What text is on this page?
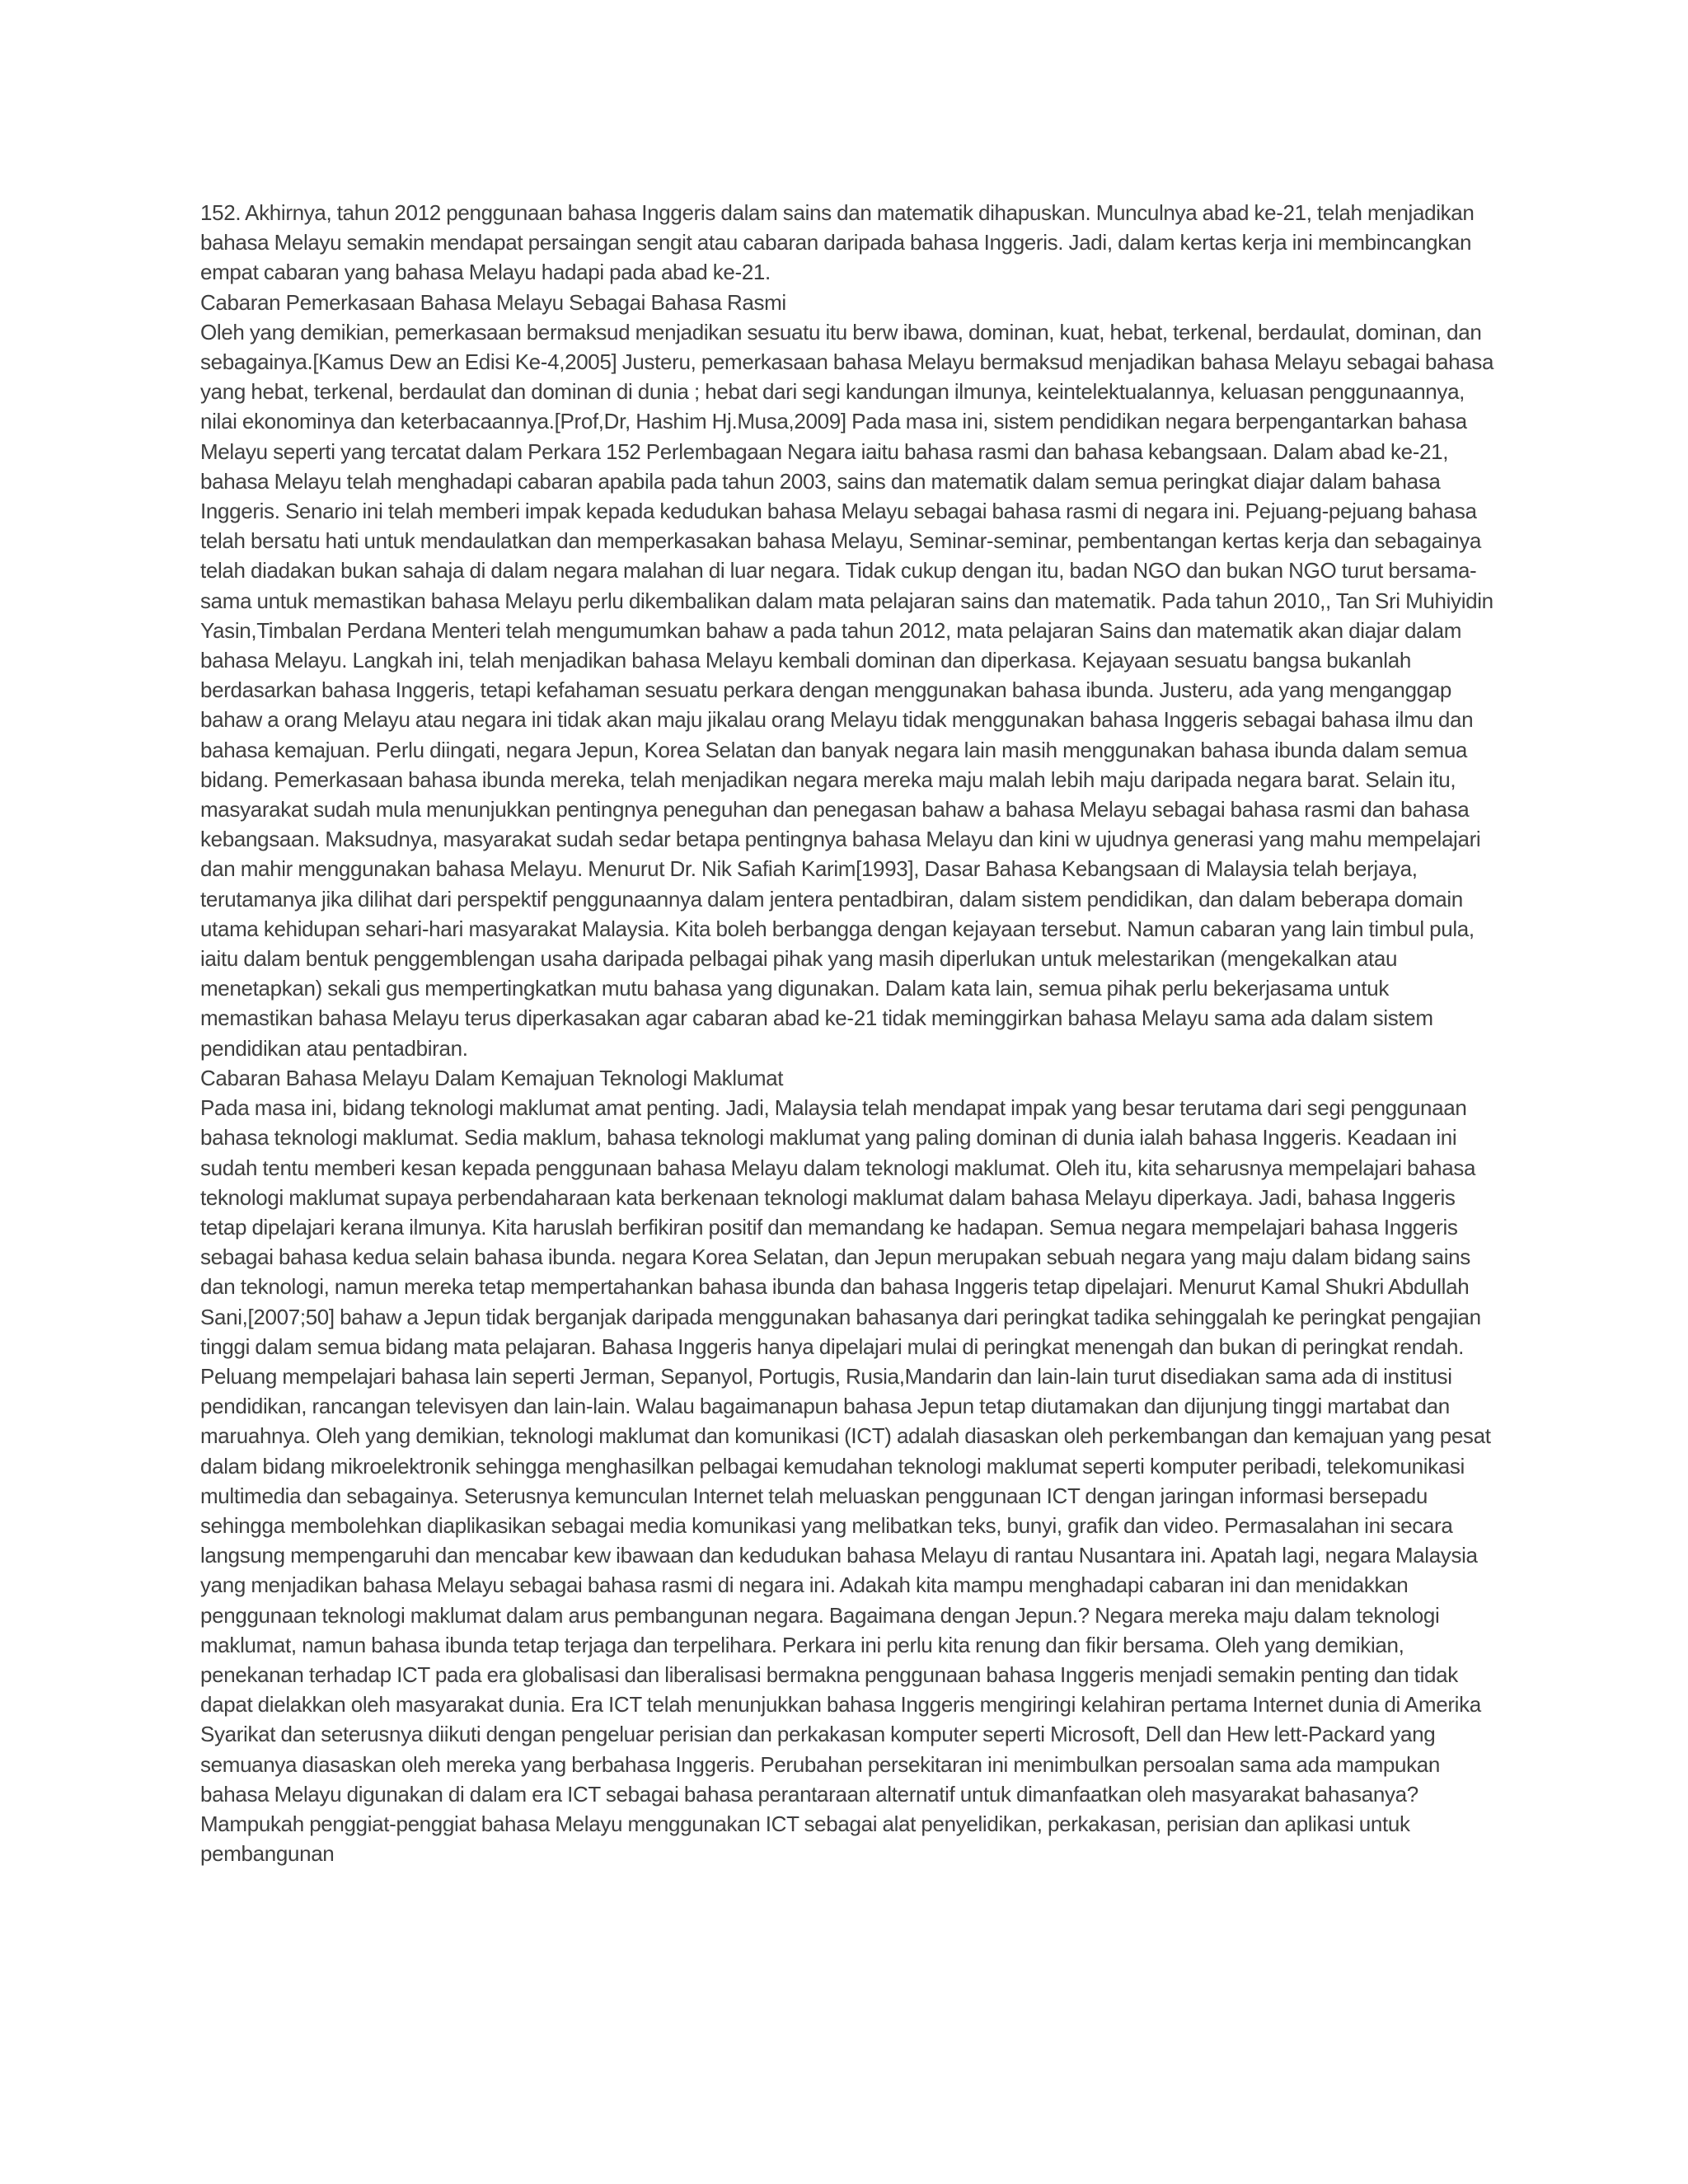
152. Akhirnya, tahun 2012 penggunaan bahasa Inggeris dalam sains dan matematik dihapuskan. Munculnya abad ke-21, telah menjadikan bahasa Melayu semakin mendapat persaingan sengit atau cabaran daripada bahasa Inggeris. Jadi, dalam kertas kerja ini membincangkan empat cabaran yang bahasa Melayu hadapi pada abad ke-21.

Cabaran Pemerkasaan Bahasa Melayu Sebagai Bahasa Rasmi

Oleh yang demikian, pemerkasaan bermaksud menjadikan sesuatu itu berw ibawa, dominan, kuat, hebat, terkenal, berdaulat, dominan, dan sebagainya.[Kamus Dew an Edisi Ke-4,2005] Justeru, pemerkasaan bahasa Melayu bermaksud menjadikan bahasa Melayu sebagai bahasa yang hebat, terkenal, berdaulat dan dominan di dunia ; hebat dari segi kandungan ilmunya, keintelektualannya, keluasan penggunaannya, nilai ekonominya dan keterbacaannya.[Prof,Dr, Hashim Hj.Musa,2009] Pada masa ini, sistem pendidikan negara berpengantarkan bahasa Melayu seperti yang tercatat dalam Perkara 152 Perlembagaan Negara iaitu bahasa rasmi dan bahasa kebangsaan. Dalam abad ke-21, bahasa Melayu telah menghadapi cabaran apabila pada tahun 2003, sains dan matematik dalam semua peringkat diajar dalam bahasa Inggeris. Senario ini telah memberi impak kepada kedudukan bahasa Melayu sebagai bahasa rasmi di negara ini. Pejuang-pejuang bahasa telah bersatu hati untuk mendaulatkan dan memperkasakan bahasa Melayu, Seminar-seminar, pembentangan kertas kerja dan sebagainya telah diadakan bukan sahaja di dalam negara malahan di luar negara. Tidak cukup dengan itu, badan NGO dan bukan NGO turut bersama-sama untuk memastikan bahasa Melayu perlu dikembalikan dalam mata pelajaran sains dan matematik. Pada tahun 2010,, Tan Sri Muhiyidin Yasin,Timbalan Perdana Menteri telah mengumumkan bahaw a pada tahun 2012, mata pelajaran Sains dan matematik akan diajar dalam bahasa Melayu. Langkah ini, telah menjadikan bahasa Melayu kembali dominan dan diperkasa. Kejayaan sesuatu bangsa bukanlah berdasarkan bahasa Inggeris, tetapi kefahaman sesuatu perkara dengan menggunakan bahasa ibunda. Justeru, ada yang menganggap bahaw a orang Melayu atau negara ini tidak akan maju jikalau orang Melayu tidak menggunakan bahasa Inggeris sebagai bahasa ilmu dan bahasa kemajuan. Perlu diingati, negara Jepun, Korea Selatan dan banyak negara lain masih menggunakan bahasa ibunda dalam semua bidang. Pemerkasaan bahasa ibunda mereka, telah menjadikan negara mereka maju malah lebih maju daripada negara barat. Selain itu, masyarakat sudah mula menunjukkan pentingnya peneguhan dan penegasan bahaw a bahasa Melayu sebagai bahasa rasmi dan bahasa kebangsaan. Maksudnya, masyarakat sudah sedar betapa pentingnya bahasa Melayu dan kini w ujudnya generasi yang mahu mempelajari dan mahir menggunakan bahasa Melayu. Menurut Dr. Nik Safiah Karim[1993], Dasar Bahasa Kebangsaan di Malaysia telah berjaya, terutamanya jika dilihat dari perspektif penggunaannya dalam jentera pentadbiran, dalam sistem pendidikan, dan dalam beberapa domain utama kehidupan sehari-hari masyarakat Malaysia. Kita boleh berbangga dengan kejayaan tersebut. Namun cabaran yang lain timbul pula, iaitu dalam bentuk penggemblengan usaha daripada pelbagai pihak yang masih diperlukan untuk melestarikan (mengekalkan atau menetapkan) sekali gus mempertingkatkan mutu bahasa yang digunakan. Dalam kata lain, semua pihak perlu bekerjasama untuk memastikan bahasa Melayu terus diperkasakan agar cabaran abad ke-21 tidak meminggirkan bahasa Melayu sama ada dalam sistem pendidikan atau pentadbiran.

Cabaran Bahasa Melayu Dalam Kemajuan Teknologi Maklumat

Pada masa ini, bidang teknologi maklumat amat penting. Jadi, Malaysia telah mendapat impak yang besar terutama dari segi penggunaan bahasa teknologi maklumat. Sedia maklum, bahasa teknologi maklumat yang paling dominan di dunia ialah bahasa Inggeris. Keadaan ini sudah tentu memberi kesan kepada penggunaan bahasa Melayu dalam teknologi maklumat. Oleh itu, kita seharusnya mempelajari bahasa teknologi maklumat supaya perbendaharaan kata berkenaan teknologi maklumat dalam bahasa Melayu diperkaya. Jadi, bahasa Inggeris tetap dipelajari kerana ilmunya. Kita haruslah berfikiran positif dan memandang ke hadapan. Semua negara mempelajari bahasa Inggeris sebagai bahasa kedua selain bahasa ibunda. negara Korea Selatan, dan Jepun merupakan sebuah negara yang maju dalam bidang sains dan teknologi, namun mereka tetap mempertahankan bahasa ibunda dan bahasa Inggeris tetap dipelajari. Menurut Kamal Shukri Abdullah Sani,[2007;50] bahaw a Jepun tidak berganjak daripada menggunakan bahasanya dari peringkat tadika sehinggalah ke peringkat pengajian tinggi dalam semua bidang mata pelajaran. Bahasa Inggeris hanya dipelajari mulai di peringkat menengah dan bukan di peringkat rendah. Peluang mempelajari bahasa lain seperti Jerman, Sepanyol, Portugis, Rusia,Mandarin dan lain-lain turut disediakan sama ada di institusi pendidikan, rancangan televisyen dan lain-lain. Walau bagaimanapun bahasa Jepun tetap diutamakan dan dijunjung tinggi martabat dan maruahnya. Oleh yang demikian, teknologi maklumat dan komunikasi (ICT) adalah diasaskan oleh perkembangan dan kemajuan yang pesat dalam bidang mikroelektronik sehingga menghasilkan pelbagai kemudahan teknologi maklumat seperti komputer peribadi, telekomunikasi multimedia dan sebagainya. Seterusnya kemunculan Internet telah meluaskan penggunaan ICT dengan jaringan informasi bersepadu sehingga membolehkan diaplikasikan sebagai media komunikasi yang melibatkan teks, bunyi, grafik dan video. Permasalahan ini secara langsung mempengaruhi dan mencabar kew ibawaan dan kedudukan bahasa Melayu di rantau Nusantara ini. Apatah lagi, negara Malaysia yang menjadikan bahasa Melayu sebagai bahasa rasmi di negara ini. Adakah kita mampu menghadapi cabaran ini dan menidakkan penggunaan teknologi maklumat dalam arus pembangunan negara. Bagaimana dengan Jepun.? Negara mereka maju dalam teknologi maklumat, namun bahasa ibunda tetap terjaga dan terpelihara. Perkara ini perlu kita renung dan fikir bersama. Oleh yang demikian, penekanan terhadap ICT pada era globalisasi dan liberalisasi bermakna penggunaan bahasa Inggeris menjadi semakin penting dan tidak dapat dielakkan oleh masyarakat dunia. Era ICT telah menunjukkan bahasa Inggeris mengiringi kelahiran pertama Internet dunia di Amerika Syarikat dan seterusnya diikuti dengan pengeluar perisian dan perkakasan komputer seperti Microsoft, Dell dan Hew lett-Packard yang semuanya diasaskan oleh mereka yang berbahasa Inggeris. Perubahan persekitaran ini menimbulkan persoalan sama ada mampukan bahasa Melayu digunakan di dalam era ICT sebagai bahasa perantaraan alternatif untuk dimanfaatkan oleh masyarakat bahasanya? Mampukah penggiat-penggiat bahasa Melayu menggunakan ICT sebagai alat penyelidikan, perkakasan, perisian dan aplikasi untuk pembangunan
